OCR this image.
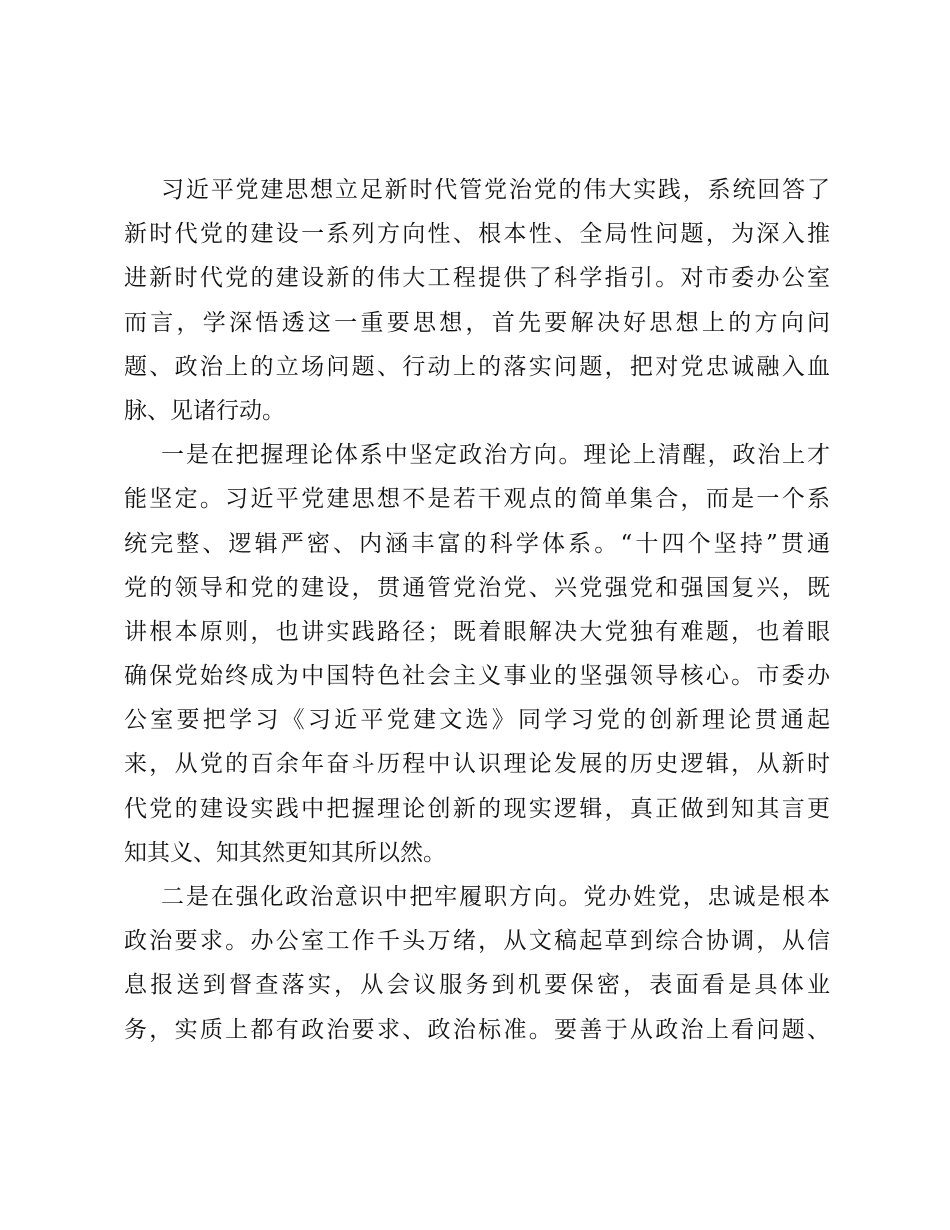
习近平党建思想立足新时代管党治党的伟大实践，系统回答了
新时代党的建设一系列方向性、根本性、全局性问题，为深入推
进新时代党的建设新的伟大工程提供了科学指引。对市委办公室
而言，学深悟透这一重要思想，首先要解决好思想上的方向问
题、政治上的立场问题、行动上的落实问题，把对党忠诚融入血
脉、见诸行动。
一是在把握理论体系中坚定政治方向。理论上清醒，政治上才
能坚定。习近平党建思想不是若干观点的简单集合，而是一个系
统完整、逻辑严密、内涵丰富的科学体系。“十四个坚持”贯通
党的领导和党的建设，贯通管党治党、兴党强党和强国复兴，既
讲根本原则，也讲实践路径；既着眼解决大党独有难题，也着眼
确保党始终成为中国特色社会主义事业的坚强领导核心。市委办
公室要把学习《习近平党建文选》同学习党的创新理论贯通起
来，从党的百余年奋斗历程中认识理论发展的历史逻辑，从新时
代党的建设实践中把握理论创新的现实逻辑，真正做到知其言更
知其义、知其然更知其所以然。
二是在强化政治意识中把牢履职方向。党办姓党，忠诚是根本
政治要求。办公室工作千头万绪，从文稿起草到综合协调，从信
息报送到督查落实，从会议服务到机要保密，表面看是具体业
务，实质上都有政治要求、政治标准。要善于从政治上看问题、
